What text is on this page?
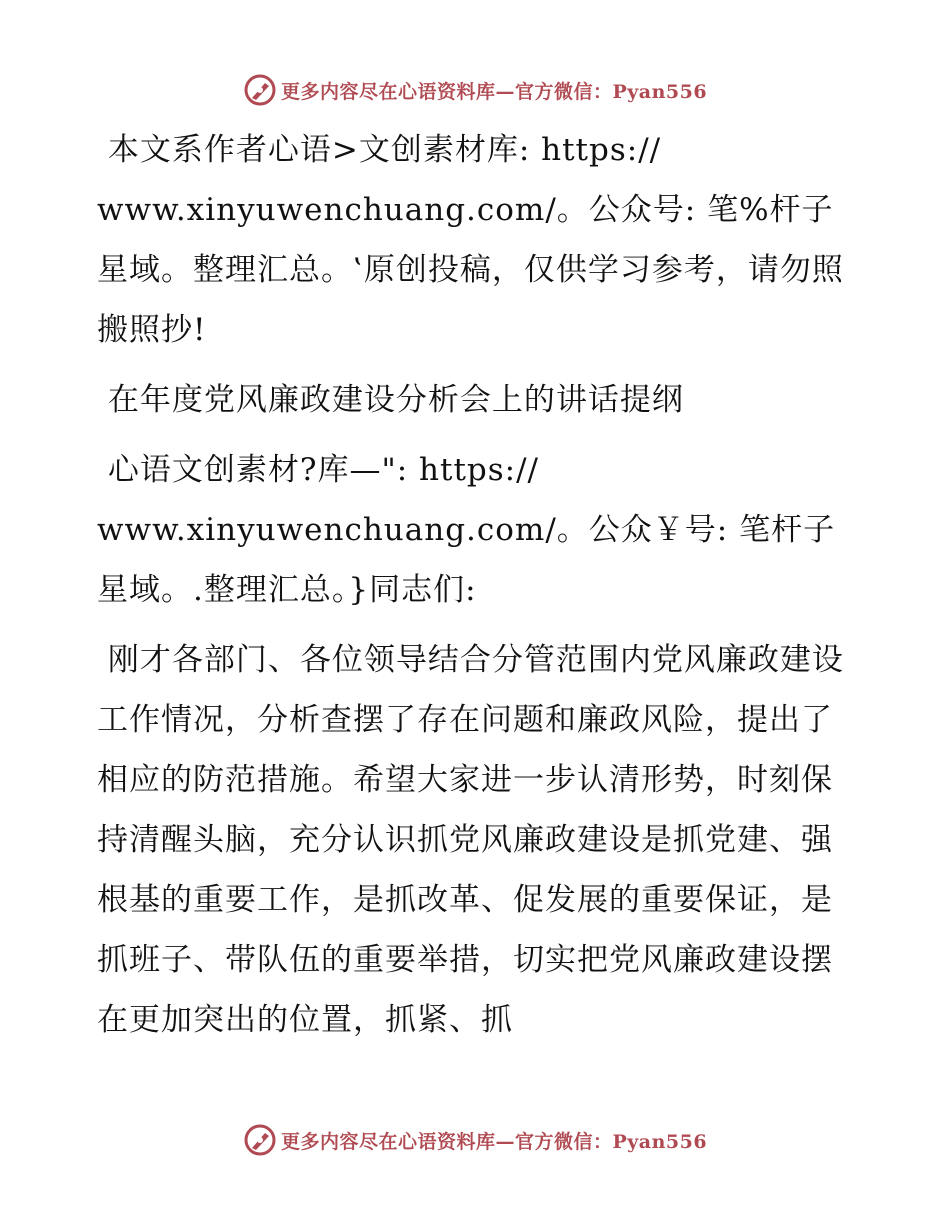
更多内容尽在心语资料库—官方微信：Pyan556

本文系作者心语>文创素材库: https://
www.xinyuwenchuang.com/。公众号: 笔%杆子星域。整理汇总。‛原创投稿，仅供学习参考，请勿照搬照抄!

在年度党风廉政建设分析会上的讲话提纲

心语文创素材?库—": https://
www.xinyuwenchuang.com/。公众￥号: 笔杆子星域。.整理汇总。}同志们:

刚才各部门、各位领导结合分管范围内党风廉政建设工作情况，分析查摆了存在问题和廉政风险，提出了相应的防范措施。希望大家进一步认清形势，时刻保持清醒头脑，充分认识抓党风廉政建设是抓党建、强根基的重要工作，是抓改革、促发展的重要保证，是抓班子、带队伍的重要举措，切实把党风廉政建设摆在更加突出的位置，抓紧、抓

更多内容尽在心语资料库—官方微信：Pyan556
